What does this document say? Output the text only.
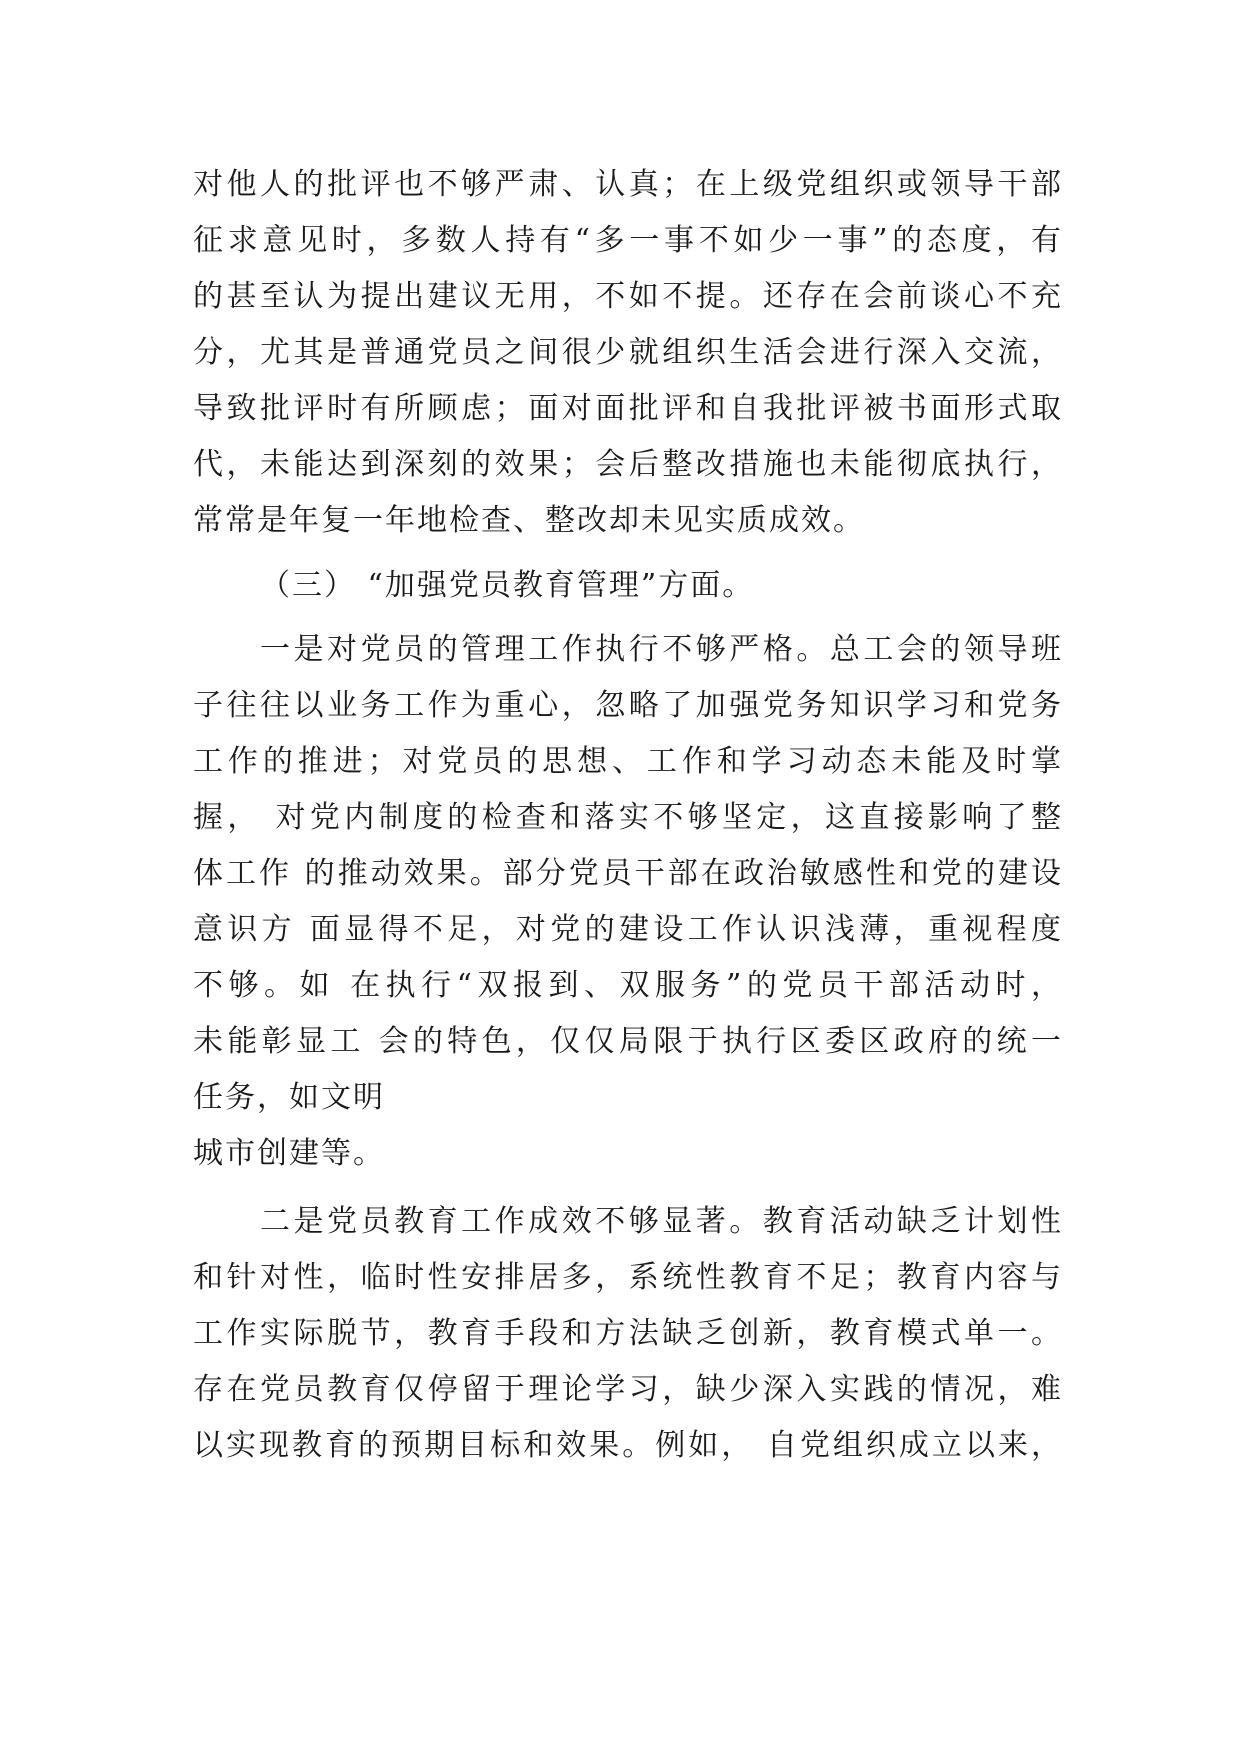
对他人的批评也不够严肃、认真；在上级党组织或领导干部
征求意见时，多数人持有“多一事不如少一事”的态度，有
的甚至认为提出建议无用，不如不提。还存在会前谈心不充
分，尤其是普通党员之间很少就组织生活会进行深入交流，
导致批评时有所顾虑；面对面批评和自我批评被书面形式取
代，未能达到深刻的效果；会后整改措施也未能彻底执行，
常常是年复一年地检查、整改却未见实质成效。
（三） “加强党员教育管理”方面。
一是对党员的管理工作执行不够严格。总工会的领导班
子往往以业务工作为重心，忽略了加强党务知识学习和党务
工作的推进；对党员的思想、工作和学习动态未能及时掌
握， 对党内制度的检查和落实不够坚定，这直接影响了整
体工作 的推动效果。部分党员干部在政治敏感性和党的建设
意识方 面显得不足，对党的建设工作认识浅薄，重视程度
不够。如 在执行“双报到、双服务”的党员干部活动时，
未能彰显工 会的特色，仅仅局限于执行区委区政府的统一
任务，如文明
城市创建等。
二是党员教育工作成效不够显著。教育活动缺乏计划性
和针对性，临时性安排居多，系统性教育不足；教育内容与
工作实际脱节，教育手段和方法缺乏创新，教育模式单一。
存在党员教育仅停留于理论学习，缺少深入实践的情况，难
以实现教育的预期目标和效果。例如， 自党组织成立以来，
